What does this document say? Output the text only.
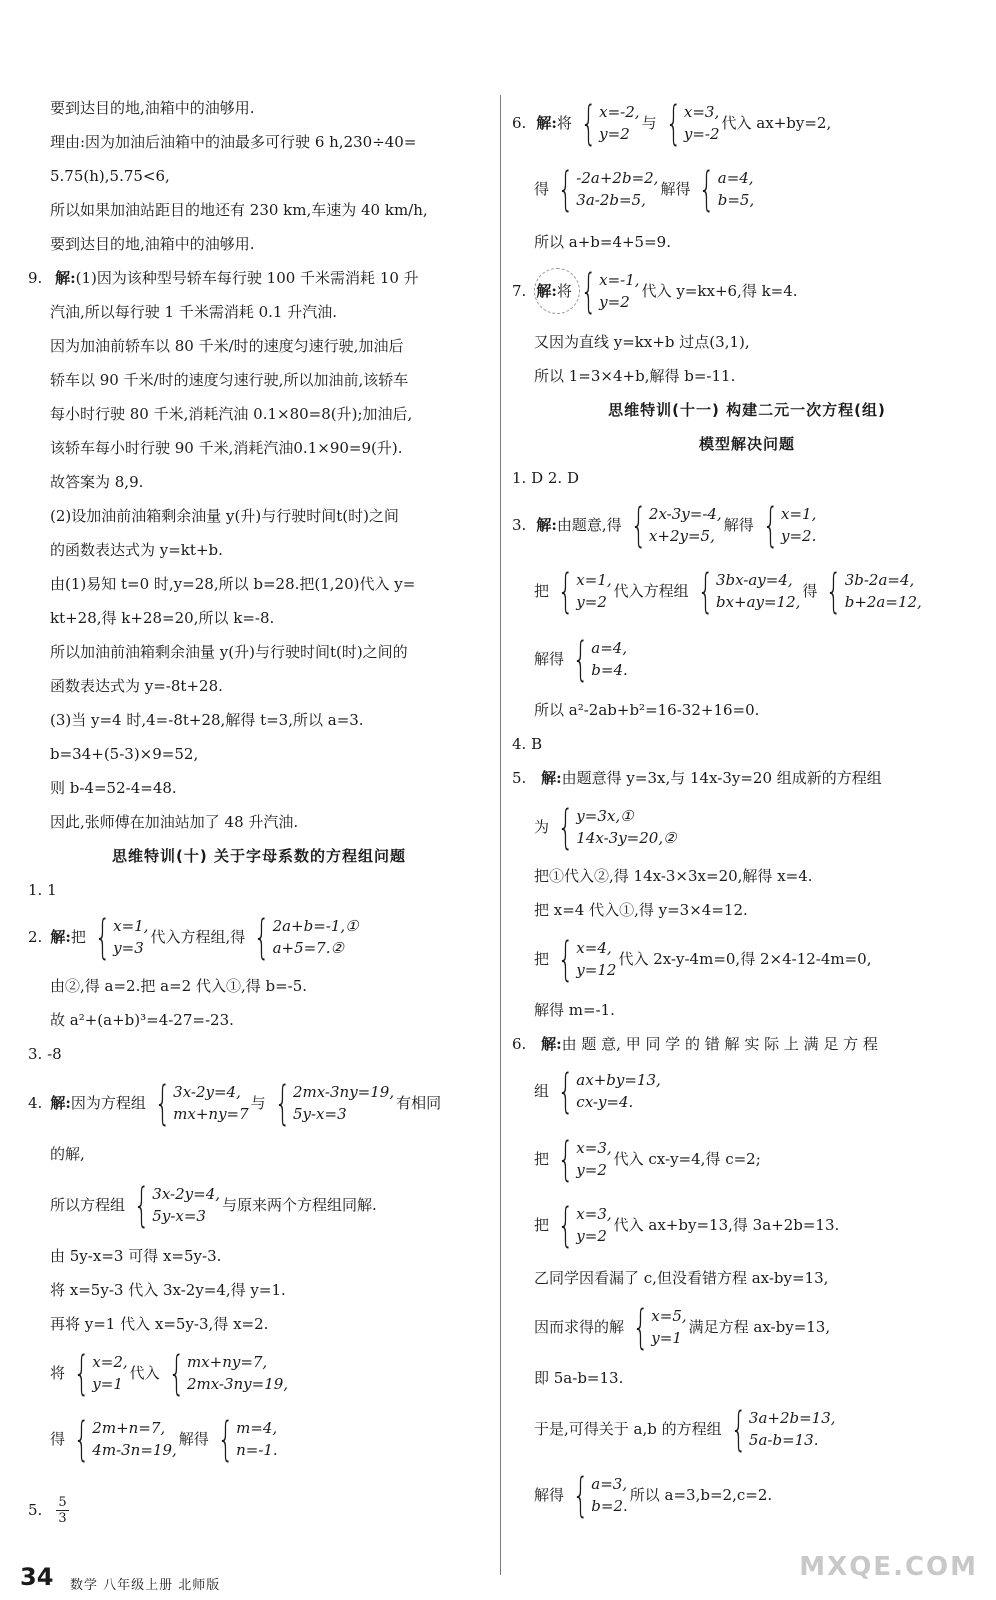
要到达目的地,油箱中的油够用.
理由:因为加油后油箱中的油最多可行驶 6 h,230÷40=
5.75(h),5.75<6,
所以如果加油站距目的地还有 230 km,车速为 40 km/h,
要到达目的地,油箱中的油够用.
9. 解:(1)因为该种型号轿车每行驶 100 千米需消耗 10 升
汽油,所以每行驶 1 千米需消耗 0.1 升汽油.
因为加油前轿车以 80 千米/时的速度匀速行驶,加油后
轿车以 90 千米/时的速度匀速行驶,所以加油前,该轿车
每小时行驶 80 千米,消耗汽油 0.1×80=8(升);加油后,
该轿车每小时行驶 90 千米,消耗汽油0.1×90=9(升).
故答案为 8,9.
(2)设加油前油箱剩余油量 y(升)与行驶时间t(时)之间
的函数表达式为 y=kt+b.
由(1)易知 t=0 时,y=28,所以 b=28.把(1,20)代入 y=
kt+28,得 k+28=20,所以 k=-8.
所以加油前油箱剩余油量 y(升)与行驶时间t(时)之间的
函数表达式为 y=-8t+28.
(3)当 y=4 时,4=-8t+28,解得 t=3,所以 a=3.
b=34+(5-3)×9=52,
则 b-4=52-4=48.
因此,张师傅在加油站加了 48 升汽油.
思维特训(十) 关于字母系数的方程组问题
1. 1
2. 解: 把 { x=1,
y=3
代入方程组,得 { 2a+b=-1,①
a+5=7.②
由②,得 a=2.把 a=2 代入①,得 b=-5.
故 a²+(a+b)³=4-27=-23.
3. -8
4. 解: 因为方程组 { 3x-2y=4,
mx+ny=7
与 { 2mx-3ny=19,
5y-x=3
有相同
的解,
所以方程组 { 3x-2y=4,
5y-x=3
与原来两个方程组同解.
由 5y-x=3 可得 x=5y-3.
将 x=5y-3 代入 3x-2y=4,得 y=1.
再将 y=1 代入 x=5y-3,得 x=2.
将 { x=2,
y=1
代入 { mx+ny=7,
2mx-3ny=19,
得 { 2m+n=7,
4m-3n=19,
解得 { m=4,
n=-1.
5. $\frac{5}{3}$
6. 解: 将 { x=-2,
y=2
与 { x=3,
y=-2
代入 ax+by=2,
得 { -2a+2b=2,
3a-2b=5,
解得 { a=4,
b=5,
所以 a+b=4+5=9.
7. 解: 将 { x=-1,
y=2
代入 y=kx+6,得 k=4.
又因为直线 y=kx+b 过点(3,1),
所以 1=3×4+b,解得 b=-11.
思维特训(十一) 构建二元一次方程(组)
模型解决问题
1. D 2. D
3. 解: 由题意,得 { 2x-3y=-4,
x+2y=5,
解得 { x=1,
y=2.
把 { x=1,
y=2
代入方程组 { 3bx-ay=4,
bx+ay=12,
得 { 3b-2a=4,
b+2a=12,
解得 { a=4,
b=4.
所以 a²-2ab+b²=16-32+16=0.
4. B
5. 解:由题意得 y=3x,与 14x-3y=20 组成新的方程组
为 { y=3x,①
14x-3y=20,②
把①代入②,得 14x-3×3x=20,解得 x=4.
把 x=4 代入①,得 y=3×4=12.
把 { x=4,
y=12
代入 2x-y-4m=0,得 2×4-12-4m=0,
解得 m=-1.
6. 解:由 题 意, 甲 同 学 的 错 解 实 际 上 满 足 方 程
组 { ax+by=13,
cx-y=4.
把 { x=3,
y=2
代入 cx-y=4,得 c=2;
把 { x=3,
y=2
代入 ax+by=13,得 3a+2b=13.
乙同学因看漏了 c,但没看错方程 ax-by=13,
因而求得的解 { x=5,
y=1
满足方程 ax-by=13,
即 5a-b=13.
于是,可得关于 a,b 的方程组 { 3a+2b=13,
5a-b=13.
解得 { a=3,
b=2.
所以 a=3,b=2,c=2.
34 数学 八年级上册 北师版
MXQE.COM
